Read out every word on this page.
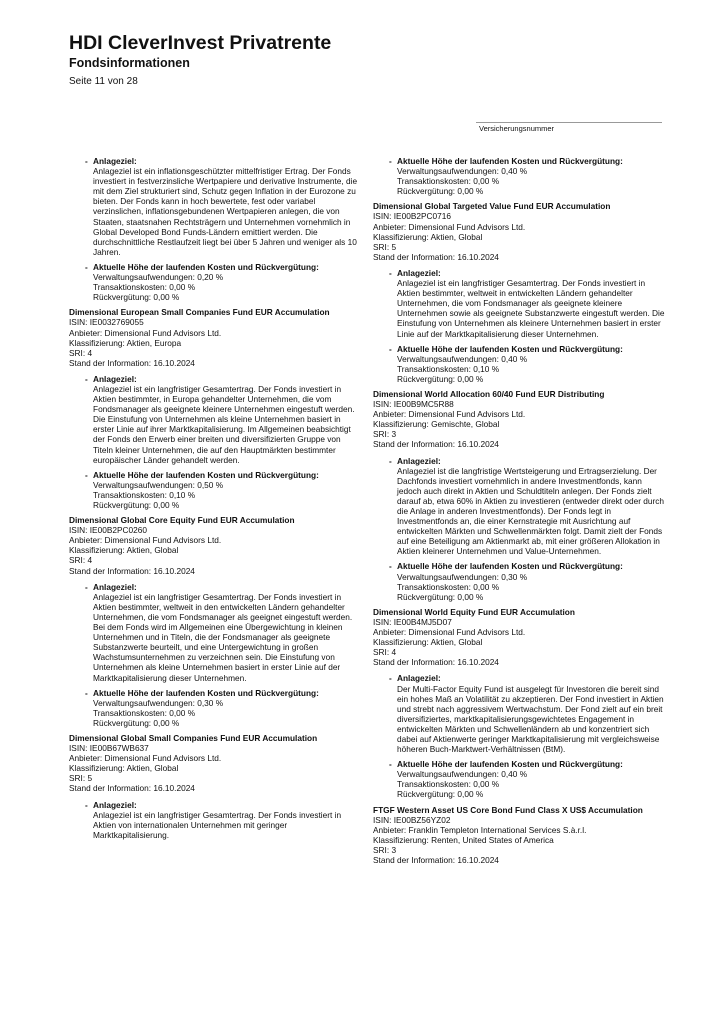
HDI CleverInvest Privatrente
Fondsinformationen
Seite 11 von 28
Versicherungsnummer
- Anlageziel:
Anlageziel ist ein inflationsgeschützter mittelfristiger Ertrag. Der Fonds investiert in festverzinsliche Wertpapiere und derivative Instrumente, die mit dem Ziel strukturiert sind, Schutz gegen Inflation in der Eurozone zu bieten. Der Fonds kann in hoch bewertete, fest oder variabel verzinslichen, inflationsgebundenen Wertpapieren anlegen, die von Staaten, staatsnahen Rechtsträgern und Unternehmen vornehmlich in Global Developed Bond Funds-Ländern emittiert werden. Die durchschnittliche Restlaufzeit liegt bei über 5 Jahren und weniger als 10 Jahren.
- Aktuelle Höhe der laufenden Kosten und Rückvergütung:
Verwaltungsaufwendungen: 0,20 %
Transaktionskosten: 0,00 %
Rückvergütung: 0,00 %
Dimensional European Small Companies Fund EUR Accumulation
ISIN: IE0032769055
Anbieter: Dimensional Fund Advisors Ltd.
Klassifizierung: Aktien, Europa
SRI: 4
Stand der Information: 16.10.2024
- Anlageziel:
Anlageziel ist ein langfristiger Gesamtertrag. Der Fonds investiert in Aktien bestimmter, in Europa gehandelter Unternehmen, die vom Fondsmanager als geeignete kleinere Unternehmen eingestuft werden. Die Einstufung von Unternehmen als kleine Unternehmen basiert in erster Linie auf ihrer Marktkapitalisierung. Im Allgemeinen beabsichtigt der Fonds den Erwerb einer breiten und diversifizierten Gruppe von Titeln kleiner Unternehmen, die auf den Hauptmärkten bestimmter europäischer Länder gehandelt werden.
- Aktuelle Höhe der laufenden Kosten und Rückvergütung:
Verwaltungsaufwendungen: 0,50 %
Transaktionskosten: 0,10 %
Rückvergütung: 0,00 %
Dimensional Global Core Equity Fund EUR Accumulation
ISIN: IE00B2PC0260
Anbieter: Dimensional Fund Advisors Ltd.
Klassifizierung: Aktien, Global
SRI: 4
Stand der Information: 16.10.2024
- Anlageziel:
Anlageziel ist ein langfristiger Gesamtertrag. Der Fonds investiert in Aktien bestimmter, weltweit in den entwickelten Ländern gehandelter Unternehmen, die vom Fondsmanager als geeignet eingestuft werden. Bei dem Fonds wird im Allgemeinen eine Übergewichtung in kleinen Unternehmen und in Titeln, die der Fondsmanager als geeignete Substanzwerte beurteilt, und eine Untergewichtung in großen Wachstumsunternehmen zu verzeichnen sein. Die Einstufung von Unternehmen als kleine Unternehmen basiert in erster Linie auf der Marktkapitalisierung dieser Unternehmen.
- Aktuelle Höhe der laufenden Kosten und Rückvergütung:
Verwaltungsaufwendungen: 0,30 %
Transaktionskosten: 0,00 %
Rückvergütung: 0,00 %
Dimensional Global Small Companies Fund EUR Accumulation
ISIN: IE00B67WB637
Anbieter: Dimensional Fund Advisors Ltd.
Klassifizierung: Aktien, Global
SRI: 5
Stand der Information: 16.10.2024
- Anlageziel:
Anlageziel ist ein langfristiger Gesamtertrag. Der Fonds investiert in Aktien von internationalen Unternehmen mit geringer Marktkapitalisierung.
- Aktuelle Höhe der laufenden Kosten und Rückvergütung:
Verwaltungsaufwendungen: 0,40 %
Transaktionskosten: 0,00 %
Rückvergütung: 0,00 %
Dimensional Global Targeted Value Fund EUR Accumulation
ISIN: IE00B2PC0716
Anbieter: Dimensional Fund Advisors Ltd.
Klassifizierung: Aktien, Global
SRI: 5
Stand der Information: 16.10.2024
- Anlageziel:
Anlageziel ist ein langfristiger Gesamtertrag. Der Fonds investiert in Aktien bestimmter, weltweit in entwickelten Ländern gehandelter Unternehmen, die vom Fondsmanager als geeignete kleinere Unternehmen sowie als geeignete Substanzwerte eingestuft werden. Die Einstufung von Unternehmen als kleinere Unternehmen basiert in erster Linie auf der Marktkapitalisierung dieser Unternehmen.
- Aktuelle Höhe der laufenden Kosten und Rückvergütung:
Verwaltungsaufwendungen: 0,40 %
Transaktionskosten: 0,10 %
Rückvergütung: 0,00 %
Dimensional World Allocation 60/40 Fund EUR Distributing
ISIN: IE00B9MC5R88
Anbieter: Dimensional Fund Advisors Ltd.
Klassifizierung: Gemischte, Global
SRI: 3
Stand der Information: 16.10.2024
- Anlageziel:
Anlageziel ist die langfristige Wertsteigerung und Ertragserzielung. Der Dachfonds investiert vornehmlich in andere Investmentfonds, kann jedoch auch direkt in Aktien und Schuldtiteln anlegen. Der Fonds zielt darauf ab, etwa 60% in Aktien zu investieren (entweder direkt oder durch die Anlage in anderen Investmentfonds). Der Fonds legt in Investmentfonds an, die einer Kernstrategie mit Ausrichtung auf entwickelten Märkten und Schwellenmärkten folgt. Damit zielt der Fonds auf eine Beteiligung am Aktienmarkt ab, mit einer größeren Allokation in Aktien kleinerer Unternehmen und Value-Unternehmen.
- Aktuelle Höhe der laufenden Kosten und Rückvergütung:
Verwaltungsaufwendungen: 0,30 %
Transaktionskosten: 0,00 %
Rückvergütung: 0,00 %
Dimensional World Equity Fund EUR Accumulation
ISIN: IE00B4MJ5D07
Anbieter: Dimensional Fund Advisors Ltd.
Klassifizierung: Aktien, Global
SRI: 4
Stand der Information: 16.10.2024
- Anlageziel:
Der Multi-Factor Equity Fund ist ausgelegt für Investoren die bereit sind ein hohes Maß an Volatilität zu akzeptieren. Der Fond investiert in Aktien und strebt nach aggressivem Wertwachstum. Der Fond zielt auf ein breit diversifiziertes, marktkapitalisierungsgewichtetes Engagement in entwickelten Märkten und Schwellenländern ab und konzentriert sich dabei auf Aktienwerte geringer Marktkapitalisierung mit vergleichsweise höheren Buch-Marktwert-Verhältnissen (BtM).
- Aktuelle Höhe der laufenden Kosten und Rückvergütung:
Verwaltungsaufwendungen: 0,40 %
Transaktionskosten: 0,00 %
Rückvergütung: 0,00 %
FTGF Western Asset US Core Bond Fund Class X US$ Accumulation
ISIN: IE00BZ56YZ02
Anbieter: Franklin Templeton International Services S.à.r.l.
Klassifizierung: Renten, United States of America
SRI: 3
Stand der Information: 16.10.2024
